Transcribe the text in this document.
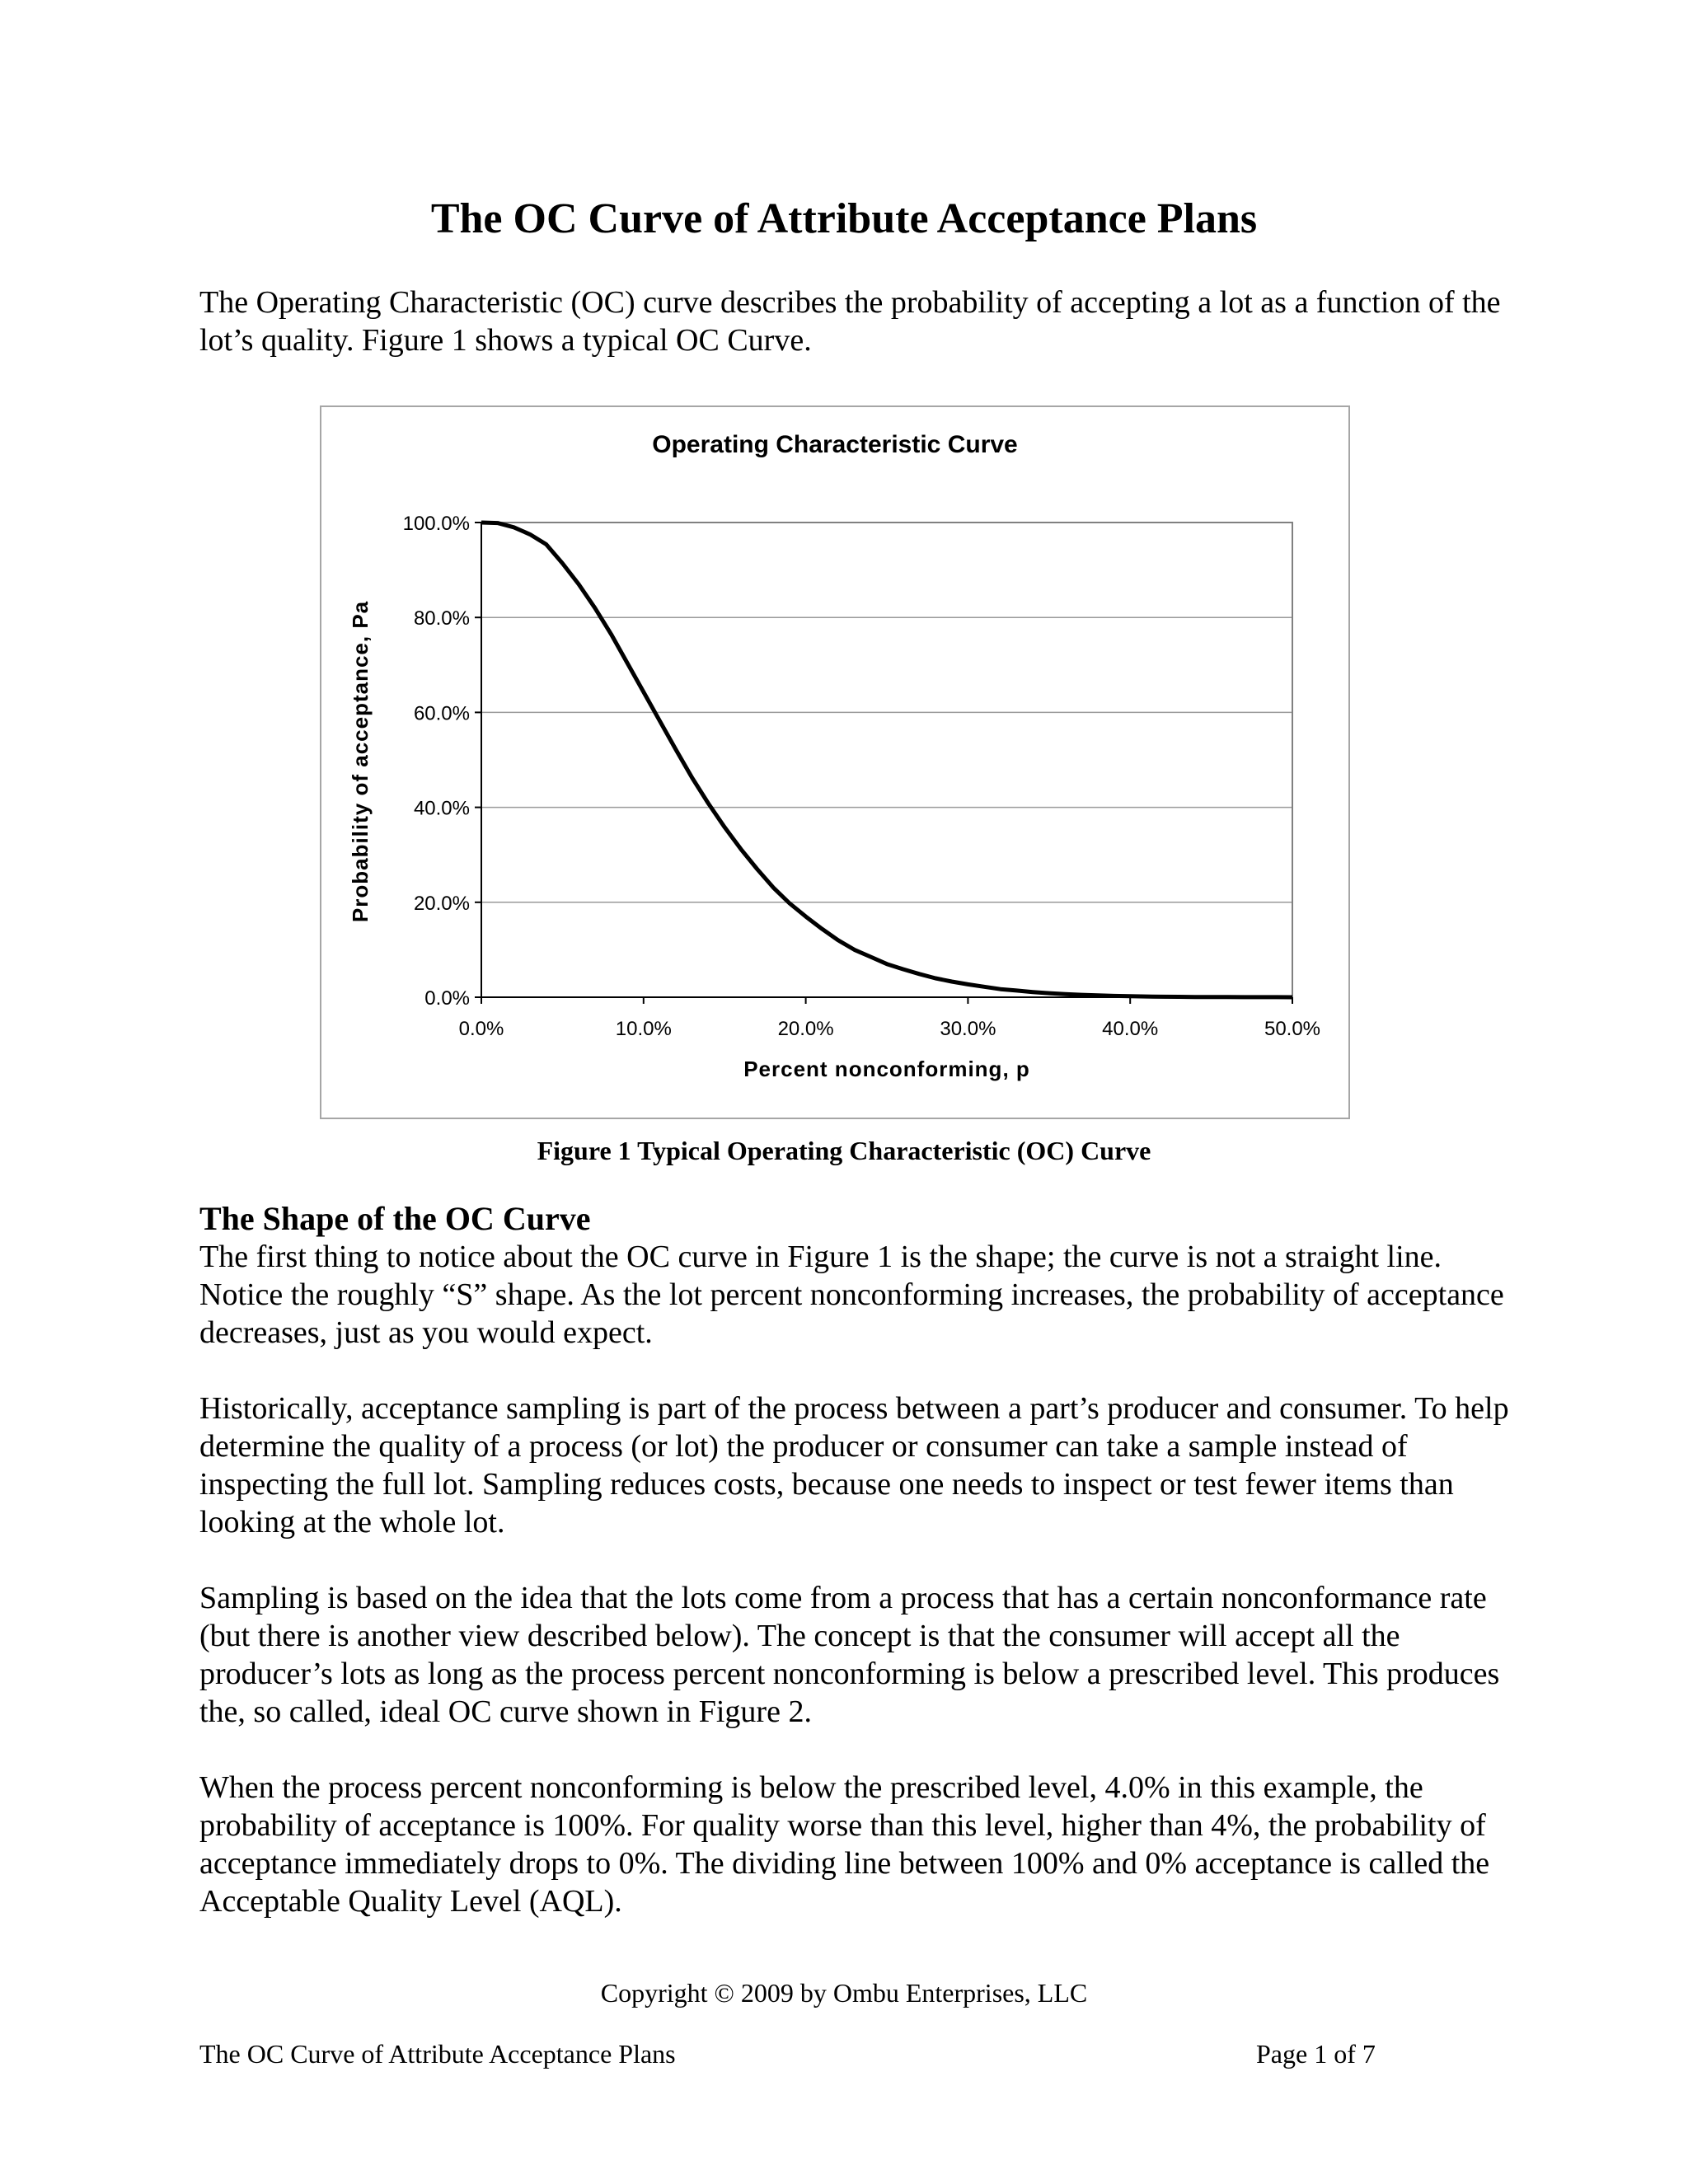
The OC Curve of Attribute Acceptance Plans

The Operating Characteristic (OC) curve describes the probability of accepting a lot as a function of the lot’s quality. Figure 1 shows a typical OC Curve.

Operating Characteristic Curve
0.0%
20.0%
40.0%
60.0%
80.0%
100.0%
0.0%	10.0%	20.0%	30.0%	40.0%	50.0%
Percent nonconforming, p
Probability of acceptance, Pa
Figure 1 Typical Operating Characteristic (OC) Curve
The Shape of the OC Curve

The first thing to notice about the OC curve in Figure 1 is the shape; the curve is not a straight line. Notice the roughly “S” shape. As the lot percent nonconforming increases, the probability of acceptance decreases, just as you would expect.

Historically, acceptance sampling is part of the process between a part’s producer and consumer. To help determine the quality of a process (or lot) the producer or consumer can take a sample instead of inspecting the full lot. Sampling reduces costs, because one needs to inspect or test fewer items than looking at the whole lot.

Sampling is based on the idea that the lots come from a process that has a certain nonconformance rate (but there is another view described below). The concept is that the consumer will accept all the producer’s lots as long as the process percent nonconforming is below a prescribed level. This produces the, so called, ideal OC curve shown in Figure 2.

When the process percent nonconforming is below the prescribed level, 4.0% in this example, the probability of acceptance is 100%. For quality worse than this level, higher than 4%, the probability of acceptance immediately drops to 0%. The dividing line between 100% and 0% acceptance is called the Acceptable Quality Level (AQL).

Copyright © 2009 by Ombu Enterprises, LLC
The OC Curve of Attribute Acceptance Plans	Page 1 of 7
